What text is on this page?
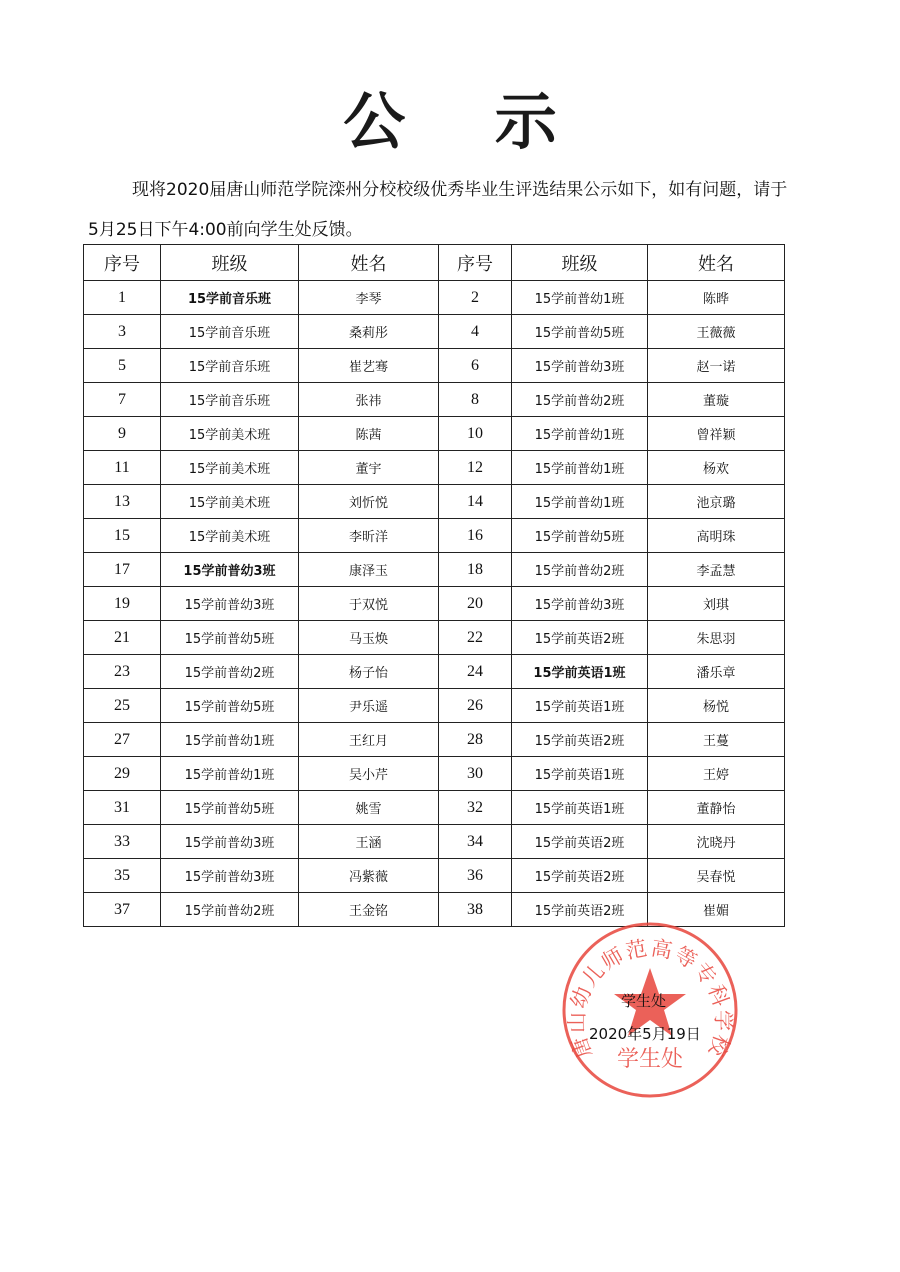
公 示
现将2020届唐山师范学院滦州分校校级优秀毕业生评选结果公示如下，如有问题，请于5月25日下午4:00前向学生处反馈。
序号	班级	姓名	序号	班级	姓名
1	15学前音乐班	李琴	2	15学前普幼1班	陈晔
3	15学前音乐班	桑莉彤	4	15学前普幼5班	王薇薇
5	15学前音乐班	崔艺骞	6	15学前普幼3班	赵一诺
7	15学前音乐班	张祎	8	15学前普幼2班	董璇
9	15学前美术班	陈茜	10	15学前普幼1班	曾祥颖
11	15学前美术班	董宇	12	15学前普幼1班	杨欢
13	15学前美术班	刘忻悦	14	15学前普幼1班	池京璐
15	15学前美术班	李昕洋	16	15学前普幼5班	高明珠
17	15学前普幼3班	康泽玉	18	15学前普幼2班	李孟慧
19	15学前普幼3班	于双悦	20	15学前普幼3班	刘琪
21	15学前普幼5班	马玉焕	22	15学前英语2班	朱思羽
23	15学前普幼2班	杨子怡	24	15学前英语1班	潘乐章
25	15学前普幼5班	尹乐遥	26	15学前英语1班	杨悦
27	15学前普幼1班	王红月	28	15学前英语2班	王蔓
29	15学前普幼1班	吴小芹	30	15学前英语1班	王婷
31	15学前普幼5班	姚雪	32	15学前英语1班	董静怡
33	15学前普幼3班	王涵	34	15学前英语2班	沈晓丹
35	15学前普幼3班	冯紫薇	36	15学前英语2班	吴春悦
37	15学前普幼2班	王金铭	38	15学前英语2班	崔媚
唐山幼儿师范高等专科学校
学生处
学生处
2020年5月19日
